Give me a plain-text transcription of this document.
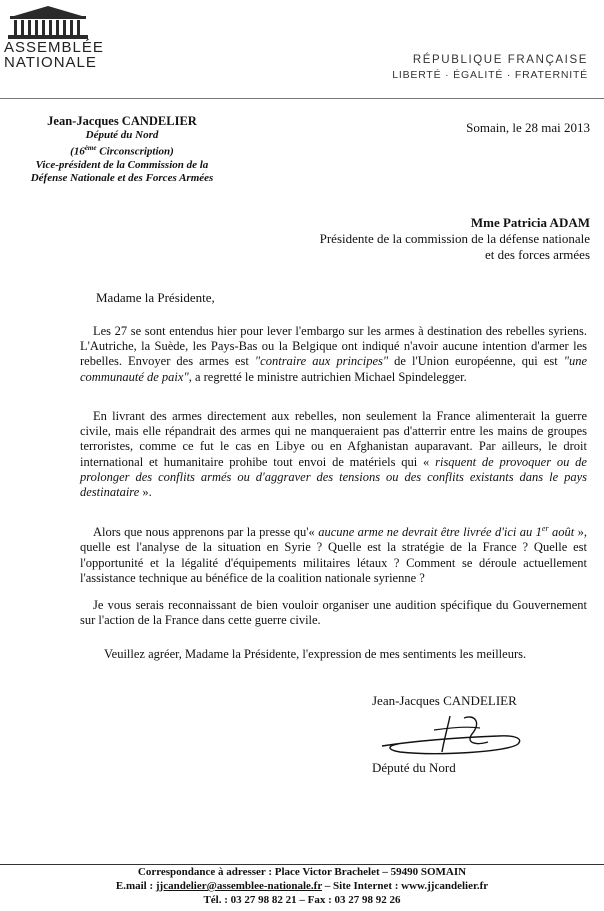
ASSEMBLÉE
NATIONALE	RÉPUBLIQUE FRANÇAISE
LIBERTÉ · ÉGALITÉ · FRATERNITÉ
Jean-Jacques CANDELIER
Député du Nord
(16ème Circonscription)
Vice-président de la Commission de la
Défense Nationale et des Forces Armées
Somain, le 28 mai 2013
Mme Patricia ADAM
Présidente de la commission de la défense nationale
et des forces armées
Madame la Présidente,

Les 27 se sont entendus hier pour lever l'embargo sur les armes à destination des rebelles syriens. L'Autriche, la Suède, les Pays-Bas ou la Belgique ont indiqué n'avoir aucune intention d'armer les rebelles. Envoyer des armes est "contraire aux principes" de l'Union européenne, qui est "une communauté de paix", a regretté le ministre autrichien Michael Spindelegger.

En livrant des armes directement aux rebelles, non seulement la France alimenterait la guerre civile, mais elle répandrait des armes qui ne manqueraient pas d'atterrir entre les mains de groupes terroristes, comme ce fut le cas en Libye ou en Afghanistan auparavant. Par ailleurs, le droit international et humanitaire prohibe tout envoi de matériels qui « risquent de provoquer ou de prolonger des conflits armés ou d'aggraver des tensions ou des conflits existants dans le pays destinataire ».

Alors que nous apprenons par la presse qu'« aucune arme ne devrait être livrée d'ici au 1er août », quelle est l'analyse de la situation en Syrie ? Quelle est la stratégie de la France ? Quelle est l'opportunité et la légalité d'équipements militaires létaux ? Comment se déroule actuellement l'assistance technique au bénéfice de la coalition nationale syrienne ?

Je vous serais reconnaissant de bien vouloir organiser une audition spécifique du Gouvernement sur l'action de la France dans cette guerre civile.

Veuillez agréer, Madame la Présidente, l'expression de mes sentiments les meilleurs.

Jean-Jacques CANDELIER
Député du Nord
Correspondance à adresser : Place Victor Brachelet – 59490 SOMAIN
E.mail : jjcandelier@assemblee-nationale.fr – Site Internet : www.jjcandelier.fr
Tél. : 03 27 98 82 21 – Fax : 03 27 98 92 26
